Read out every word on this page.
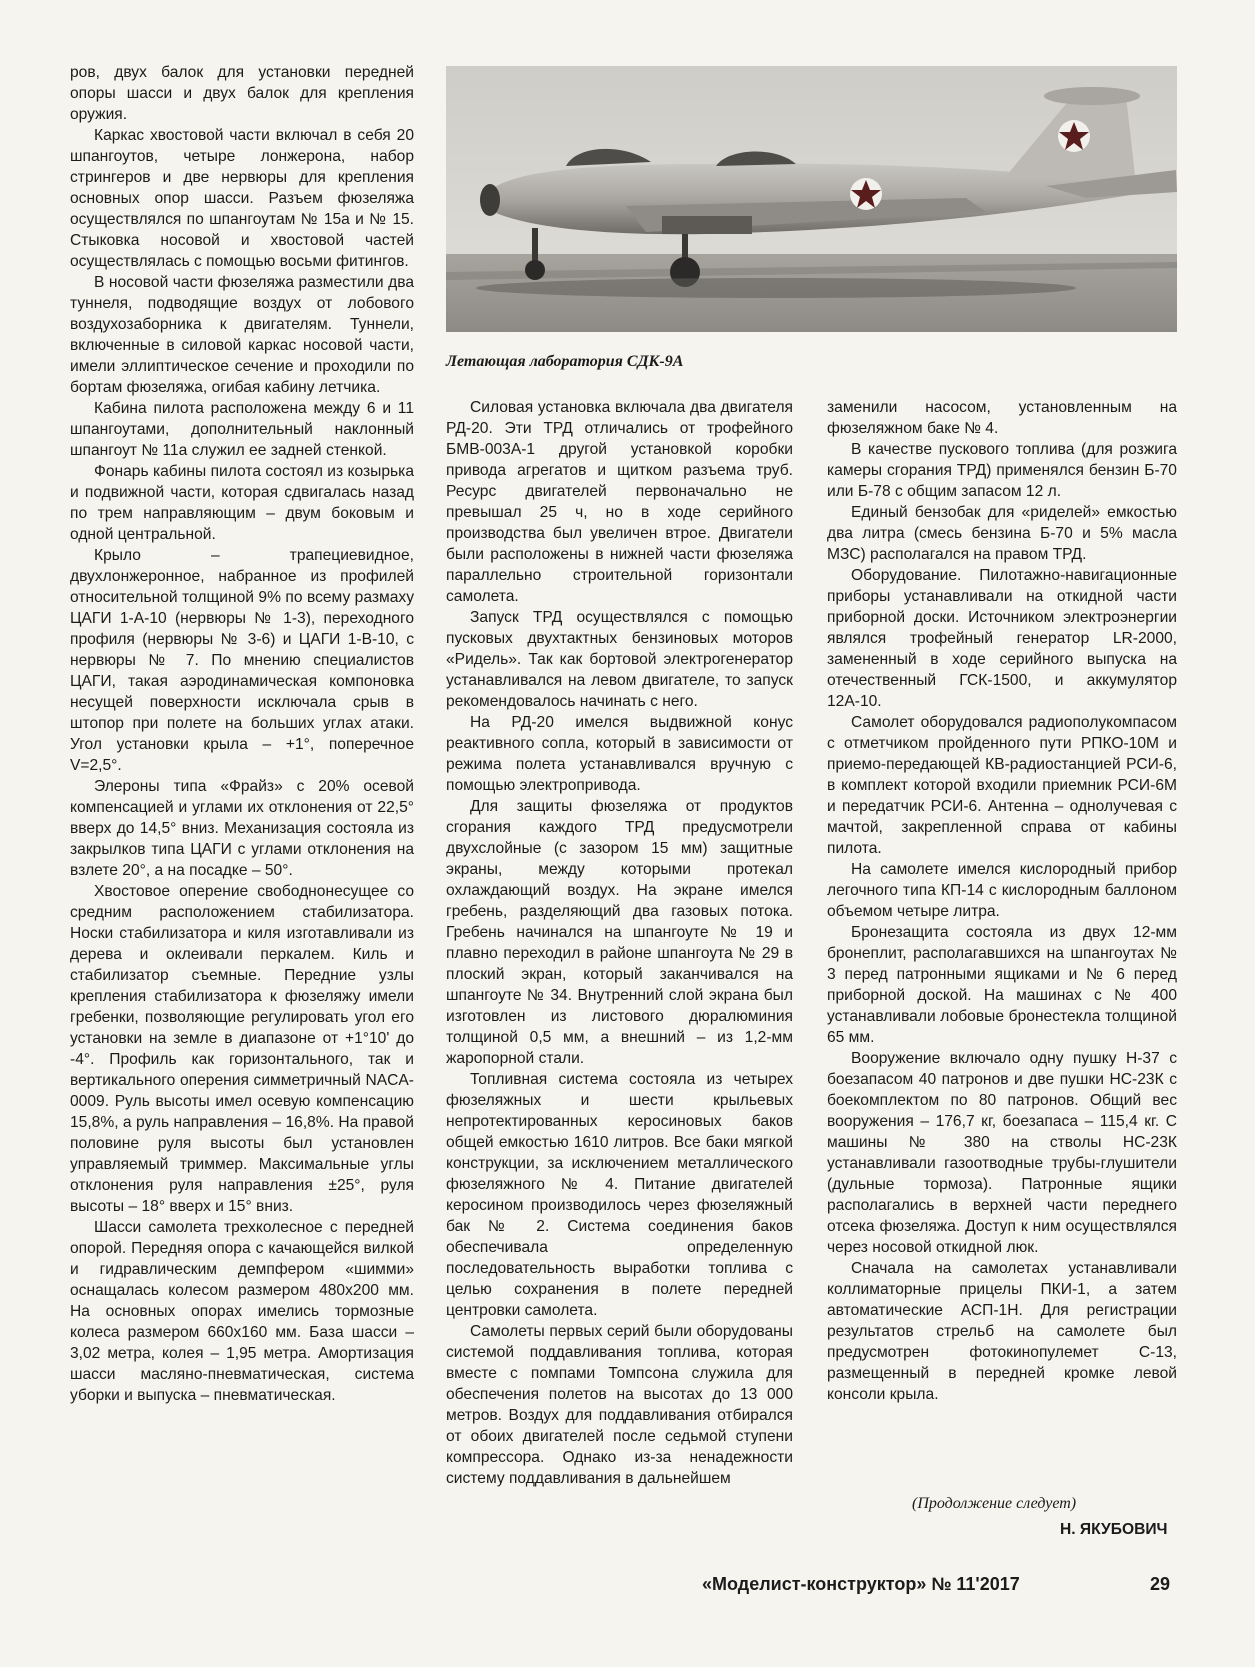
ров, двух балок для установки передней опоры шасси и двух балок для крепления оружия.

Каркас хвостовой части включал в себя 20 шпангоутов, четыре лонжерона, набор стрингеров и две нервюры для крепления основных опор шасси. Разъем фюзеляжа осуществлялся по шпангоутам № 15а и № 15. Стыковка носовой и хвостовой частей осуществлялась с помощью восьми фитингов.

В носовой части фюзеляжа разместили два туннеля, подводящие воздух от лобового воздухозаборника к двигателям. Туннели, включенные в силовой каркас носовой части, имели эллиптическое сечение и проходили по бортам фюзеляжа, огибая кабину летчика.

Кабина пилота расположена между 6 и 11 шпангоутами, дополнительный наклонный шпангоут № 11а служил ее задней стенкой.

Фонарь кабины пилота состоял из козырька и подвижной части, которая сдвигалась назад по трем направляющим – двум боковым и одной центральной.

Крыло – трапециевидное, двухлонжеронное, набранное из профилей относительной толщиной 9% по всему размаху ЦАГИ 1-А-10 (нервюры № 1-3), переходного профиля (нервюры № 3-6) и ЦАГИ 1-В-10, с нервюры № 7. По мнению специалистов ЦАГИ, такая аэродинамическая компоновка несущей поверхности исключала срыв в штопор при полете на больших углах атаки. Угол установки крыла – +1°, поперечное V=2,5°.

Элероны типа «Фрайз» с 20% осевой компенсацией и углами их отклонения от 22,5° вверх до 14,5° вниз. Механизация состояла из закрылков типа ЦАГИ с углами отклонения на взлете 20°, а на посадке – 50°.

Хвостовое оперение свободнонесущее со средним расположением стабилизатора. Носки стабилизатора и киля изготавливали из дерева и оклеивали перкалем. Киль и стабилизатор съемные. Передние узлы крепления стабилизатора к фюзеляжу имели гребенки, позволяющие регулировать угол его установки на земле в диапазоне от +1°10' до -4°. Профиль как горизонтального, так и вертикального оперения симметричный NACA-0009. Руль высоты имел осевую компенсацию 15,8%, а руль направления – 16,8%. На правой половине руля высоты был установлен управляемый триммер. Максимальные углы отклонения руля направления ±25°, руля высоты – 18° вверх и 15° вниз.

Шасси самолета трехколесное с передней опорой. Передняя опора с качающейся вилкой и гидравлическим демпфером «шимми» оснащалась колесом размером 480х200 мм. На основных опорах имелись тормозные колеса размером 660х160 мм. База шасси – 3,02 метра, колея – 1,95 метра. Амортизация шасси масляно-пневматическая, система уборки и выпуска – пневматическая.

Летающая лаборатория СДК-9А

Силовая установка включала два двигателя РД-20. Эти ТРД отличались от трофейного БМВ-003А-1 другой установкой коробки привода агрегатов и щитком разъема труб. Ресурс двигателей первоначально не превышал 25 ч, но в ходе серийного производства был увеличен втрое. Двигатели были расположены в нижней части фюзеляжа параллельно строительной горизонтали самолета.

Запуск ТРД осуществлялся с помощью пусковых двухтактных бензиновых моторов «Ридель». Так как бортовой электрогенератор устанавливался на левом двигателе, то запуск рекомендовалось начинать с него.

На РД-20 имелся выдвижной конус реактивного сопла, который в зависимости от режима полета устанавливался вручную с помощью электропривода.

Для защиты фюзеляжа от продуктов сгорания каждого ТРД предусмотрели двухслойные (с зазором 15 мм) защитные экраны, между которыми протекал охлаждающий воздух. На экране имелся гребень, разделяющий два газовых потока. Гребень начинался на шпангоуте № 19 и плавно переходил в районе шпангоута № 29 в плоский экран, который заканчивался на шпангоуте № 34. Внутренний слой экрана был изготовлен из листового дюралюминия толщиной 0,5 мм, а внешний – из 1,2-мм жаропорной стали.

Топливная система состояла из четырех фюзеляжных и шести крыльевых непротектированных керосиновых баков общей емкостью 1610 литров. Все баки мягкой конструкции, за исключением металлического фюзеляжного № 4. Питание двигателей керосином производилось через фюзеляжный бак № 2. Система соединения баков обеспечивала определенную последовательность выработки топлива с целью сохранения в полете передней центровки самолета.

Самолеты первых серий были оборудованы системой поддавливания топлива, которая вместе с помпами Томпсона служила для обеспечения полетов на высотах до 13 000 метров. Воздух для поддавливания отбирался от обоих двигателей после седьмой ступени компрессора. Однако из-за ненадежности систему поддавливания в дальнейшем

заменили насосом, установленным на фюзеляжном баке № 4.

В качестве пускового топлива (для розжига камеры сгорания ТРД) применялся бензин Б-70 или Б-78 с общим запасом 12 л.

Единый бензобак для «риделей» емкостью два литра (смесь бензина Б-70 и 5% масла МЗС) располагался на правом ТРД.

Оборудование. Пилотажно-навигационные приборы устанавливали на откидной части приборной доски. Источником электроэнергии являлся трофейный генератор LR-2000, замененный в ходе серийного выпуска на отечественный ГСК-1500, и аккумулятор 12А-10.

Самолет оборудовался радиополукомпасом с отметчиком пройденного пути РПКО-10М и приемо-передающей КВ-радиостанцией РСИ-6, в комплект которой входили приемник РСИ-6М и передатчик РСИ-6. Антенна – однолучевая с мачтой, закрепленной справа от кабины пилота.

На самолете имелся кислородный прибор легочного типа КП-14 с кислородным баллоном объемом четыре литра.

Бронезащита состояла из двух 12-мм бронеплит, располагавшихся на шпангоутах № 3 перед патронными ящиками и № 6 перед приборной доской. На машинах с № 400 устанавливали лобовые бронестекла толщиной 65 мм.

Вооружение включало одну пушку Н-37 с боезапасом 40 патронов и две пушки НС-23К с боекомплектом по 80 патронов. Общий вес вооружения – 176,7 кг, боезапаса – 115,4 кг. С машины № 380 на стволы НС-23К устанавливали газоотводные трубы-глушители (дульные тормоза). Патронные ящики располагались в верхней части переднего отсека фюзеляжа. Доступ к ним осуществлялся через носовой откидной люк.

Сначала на самолетах устанавливали коллиматорные прицелы ПКИ-1, а затем автоматические АСП-1Н. Для регистрации результатов стрельб на самолете был предусмотрен фотокинопулемет С-13, размещенный в передней кромке левой консоли крыла.

(Продолжение следует)
Н. ЯКУБОВИЧ
«Моделист-конструктор» № 11'2017	29
